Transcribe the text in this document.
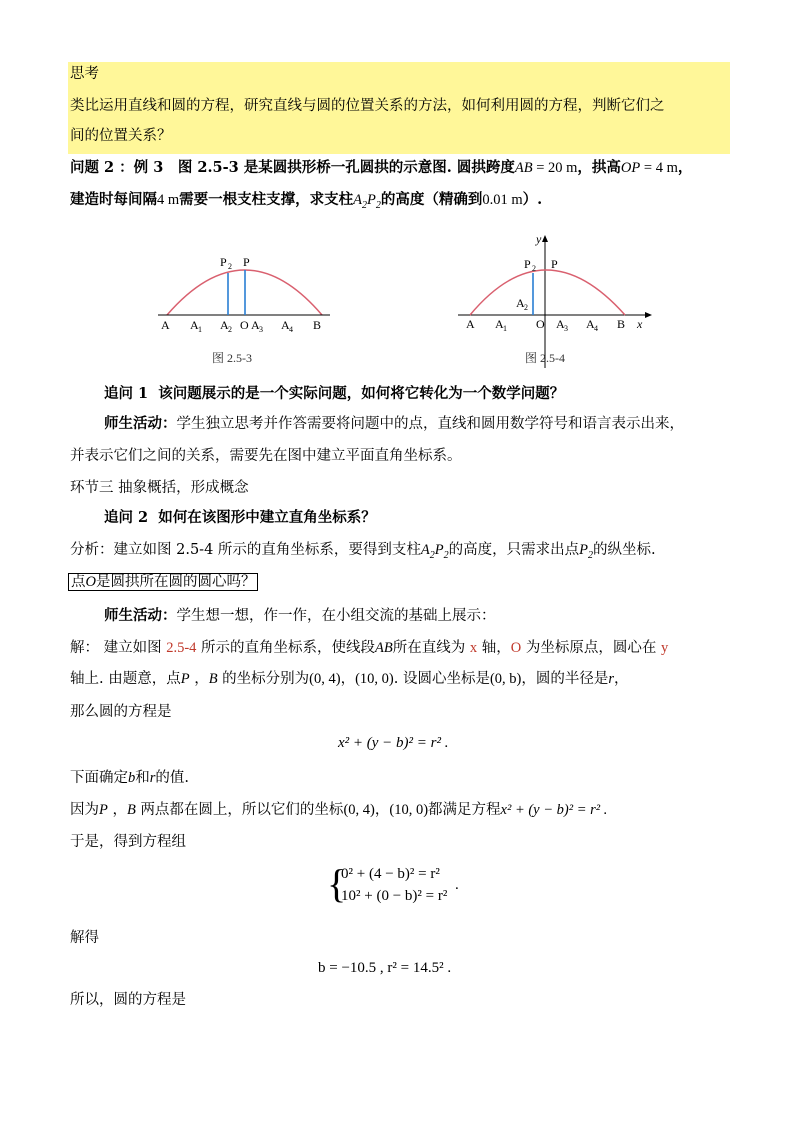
思考
类比运用直线和圆的方程，研究直线与圆的位置关系的方法，如何利用圆的方程，判断它们之
间的位置关系？
问题 2 ：例 3　图 2.5-3 是某圆拱形桥一孔圆拱的示意图. 圆拱跨度AB = 20 m，拱高OP = 4 m，
建造时每间隔4 m需要一根支柱支撑，求支柱$A_2P_2$的高度（精确到0.01 m）.
A A 1 A 2 O A 3 A 4 B
P 2 P
图 2.5-3
y
x
A A 1 O A 3 A 4 B
P 2 P
A 2
图 2.5-4
追问 1 该问题展示的是一个实际问题，如何将它转化为一个数学问题？
师生活动：学生独立思考并作答需要将问题中的点，直线和圆用数学符号和语言表示出来，
并表示它们之间的关系，需要先在图中建立平面直角坐标系。
环节三 抽象概括，形成概念
追问 2 如何在该图形中建立直角坐标系？
分析：建立如图 2.5-4 所示的直角坐标系，要得到支柱$A_2P_2$的高度，只需求出点$P_2$的纵坐标.
点O是圆拱所在圆的圆心吗？
师生活动：学生想一想，作一作，在小组交流的基础上展示：
解： 建立如图 2.5-4 所示的直角坐标系，使线段AB所在直线为 x 轴，O 为坐标原点，圆心在 y
轴上. 由题意，点P ，B 的坐标分别为(0, 4)，(10, 0). 设圆心坐标是(0, b)，圆的半径是r，
那么圆的方程是
x² + (y − b)² = r² .
下面确定b和r的值.
因为P ，B 两点都在圆上，所以它们的坐标(0, 4)，(10, 0)都满足方程x² + (y − b)² = r² .
于是，得到方程组
{
0² + (4 − b)² = r²
10² + (0 − b)² = r²
.
解得
b = −10.5 , r² = 14.5² .
所以，圆的方程是
